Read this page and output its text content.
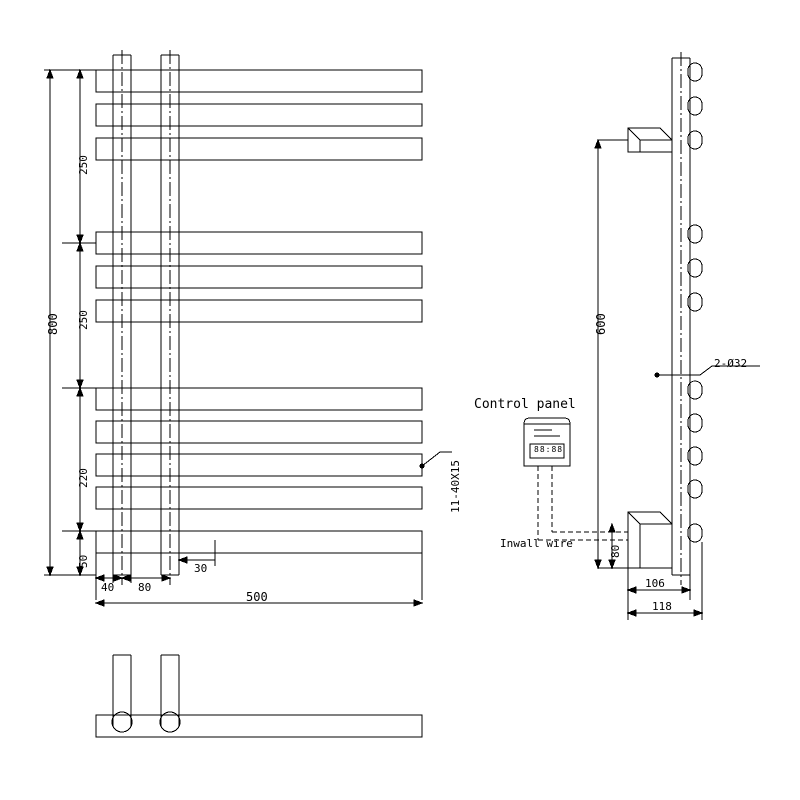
250
250
220
50
800
40 80
30
500
11-40X15
Control panel
Inwall wire
88:88
600
80
2-Ø32
106
118
